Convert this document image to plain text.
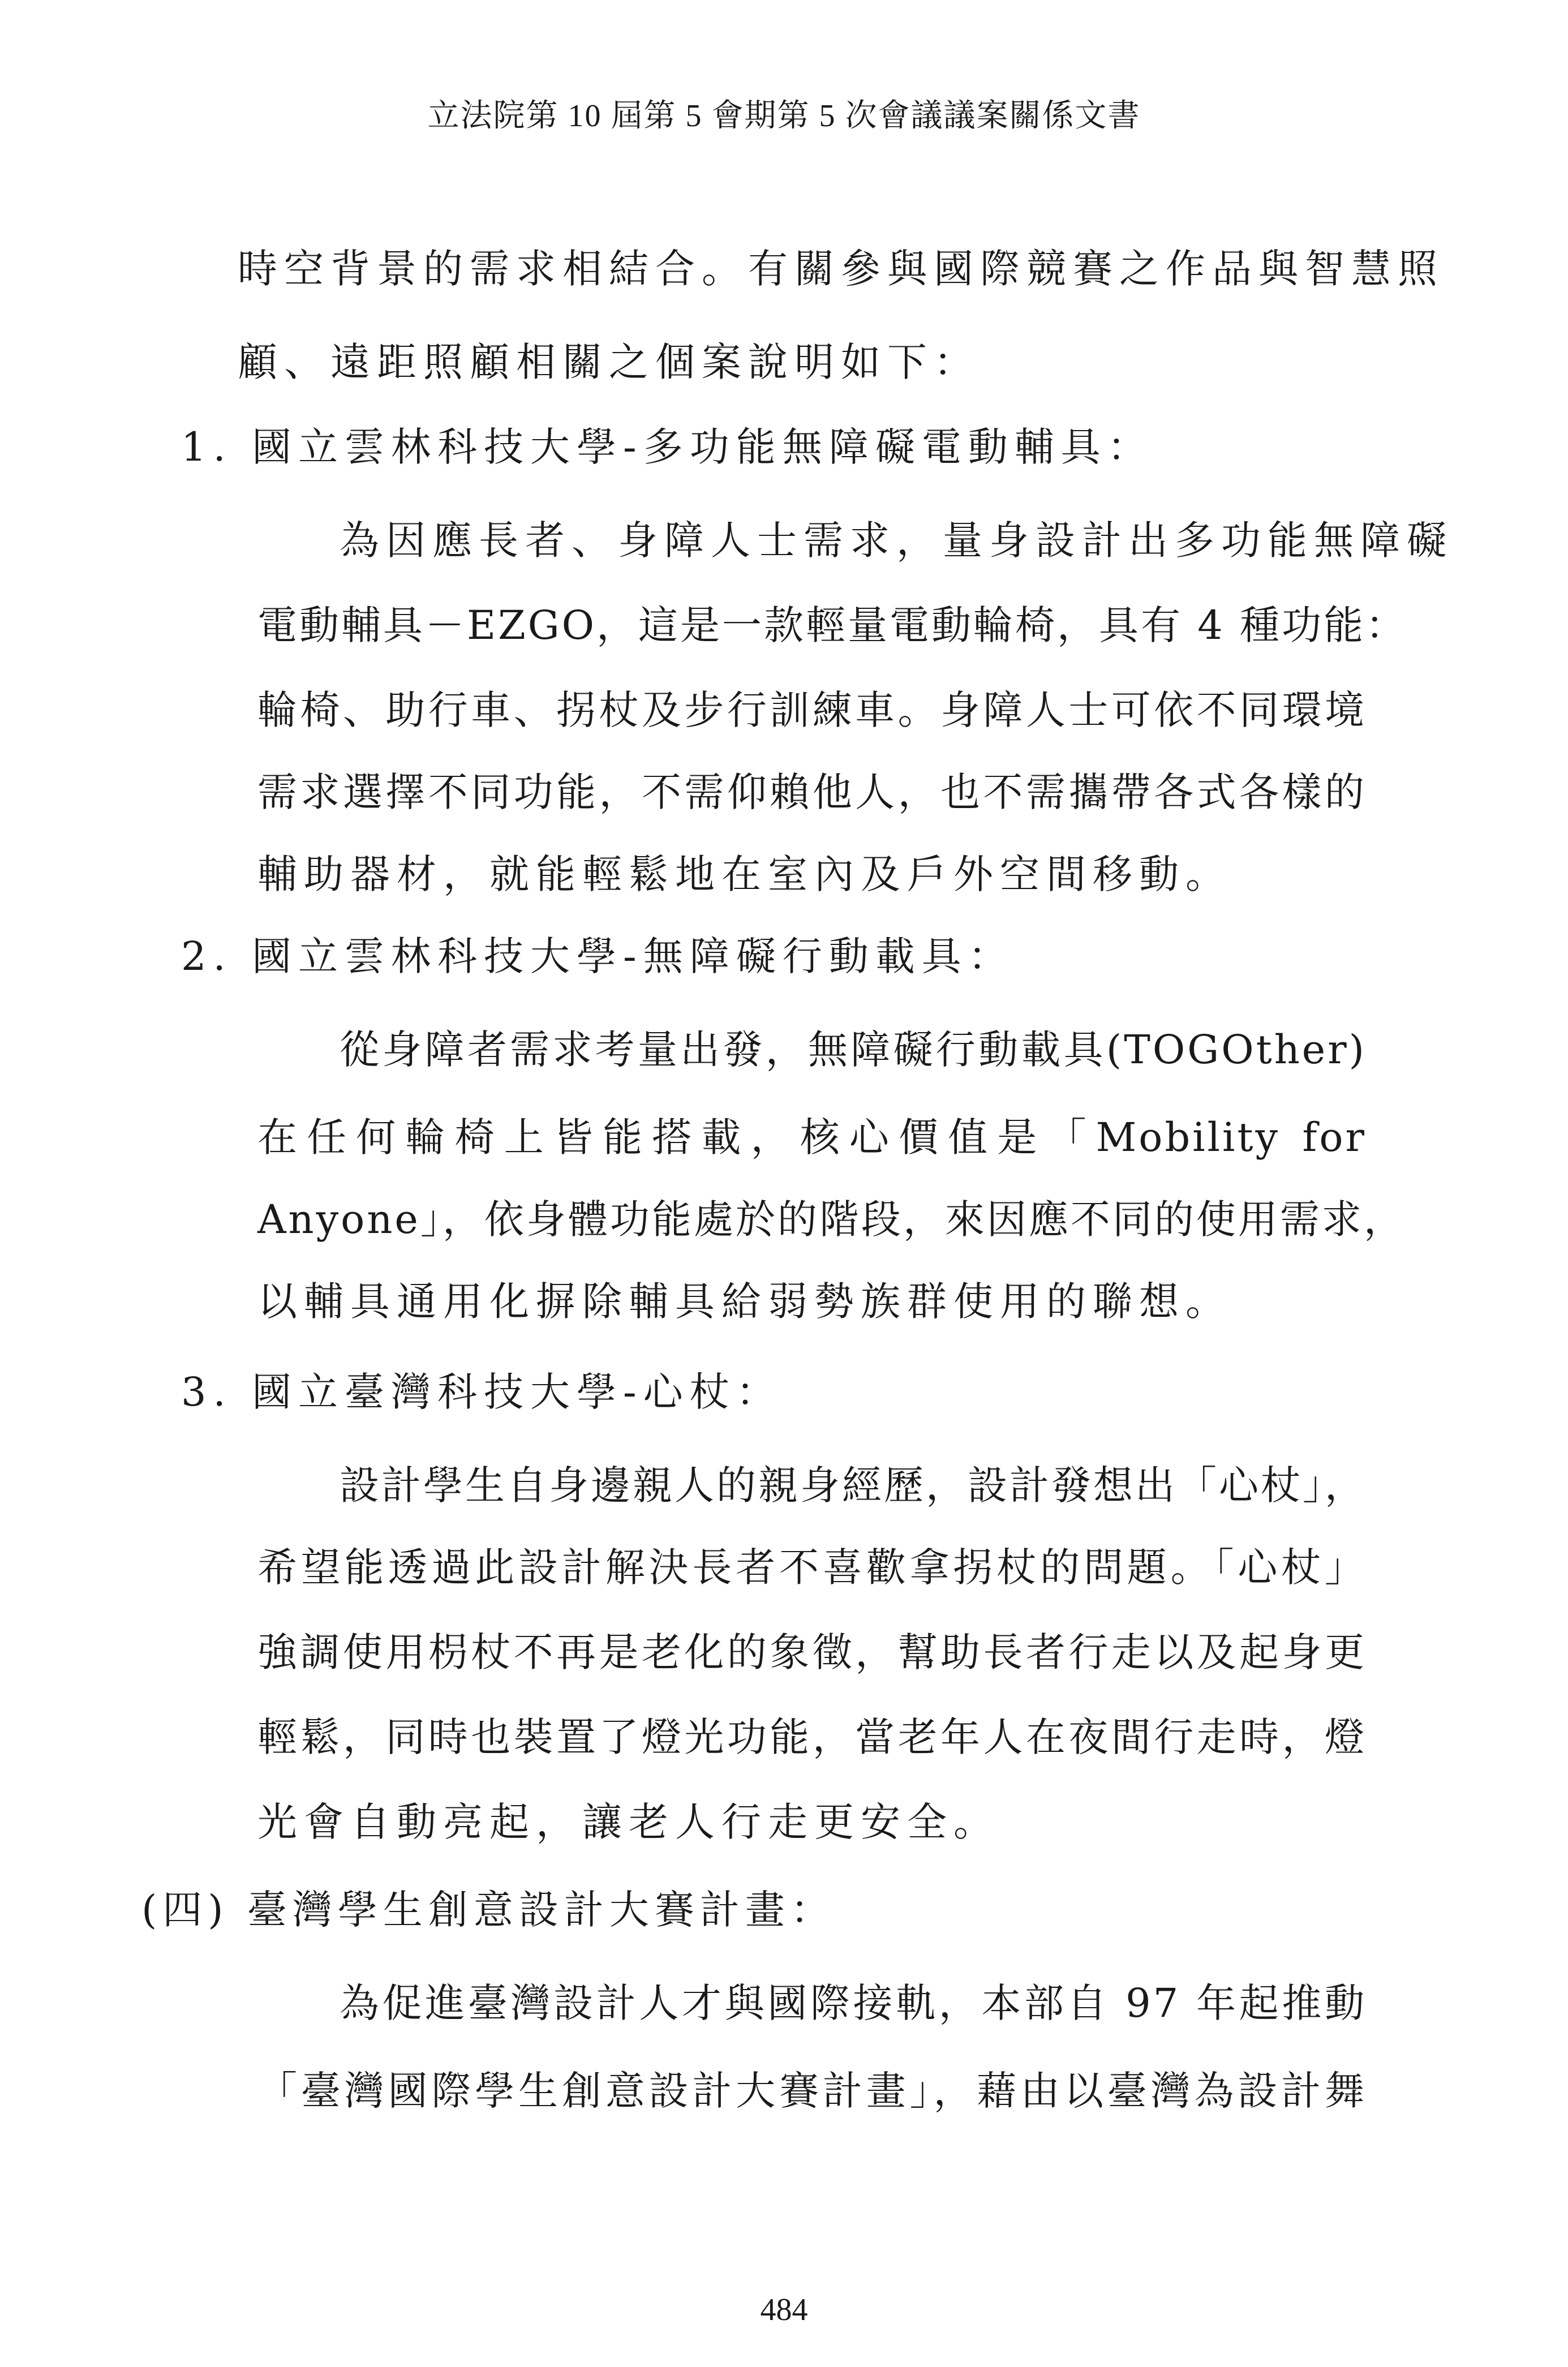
立法院第 10 屆第 5 會期第 5 次會議議案關係文書
時空背景的需求相結合。有關參與國際競賽之作品與智慧照
顧、遠距照顧相關之個案說明如下：
1. 國立雲林科技大學-多功能無障礙電動輔具：
為因應長者、身障人士需求，量身設計出多功能無障礙
電動輔具－EZGO，這是一款輕量電動輪椅，具有 4 種功能：
輪椅、助行車、拐杖及步行訓練車。身障人士可依不同環境
需求選擇不同功能，不需仰賴他人，也不需攜帶各式各樣的
輔助器材，就能輕鬆地在室內及戶外空間移動。
2. 國立雲林科技大學-無障礙行動載具：
從身障者需求考量出發，無障礙行動載具(TOGOther)
在任何輪椅上皆能搭載，核心價值是「Mobility for
Anyone」，依身體功能處於的階段，來因應不同的使用需求，
以輔具通用化摒除輔具給弱勢族群使用的聯想。
3. 國立臺灣科技大學-心杖：
設計學生自身邊親人的親身經歷，設計發想出「心杖」，
希望能透過此設計解決長者不喜歡拿拐杖的問題。「心杖」
強調使用枴杖不再是老化的象徵，幫助長者行走以及起身更
輕鬆，同時也裝置了燈光功能，當老年人在夜間行走時，燈
光會自動亮起，讓老人行走更安全。
(四) 臺灣學生創意設計大賽計畫：
為促進臺灣設計人才與國際接軌，本部自 97 年起推動
「臺灣國際學生創意設計大賽計畫」，藉由以臺灣為設計舞
484
